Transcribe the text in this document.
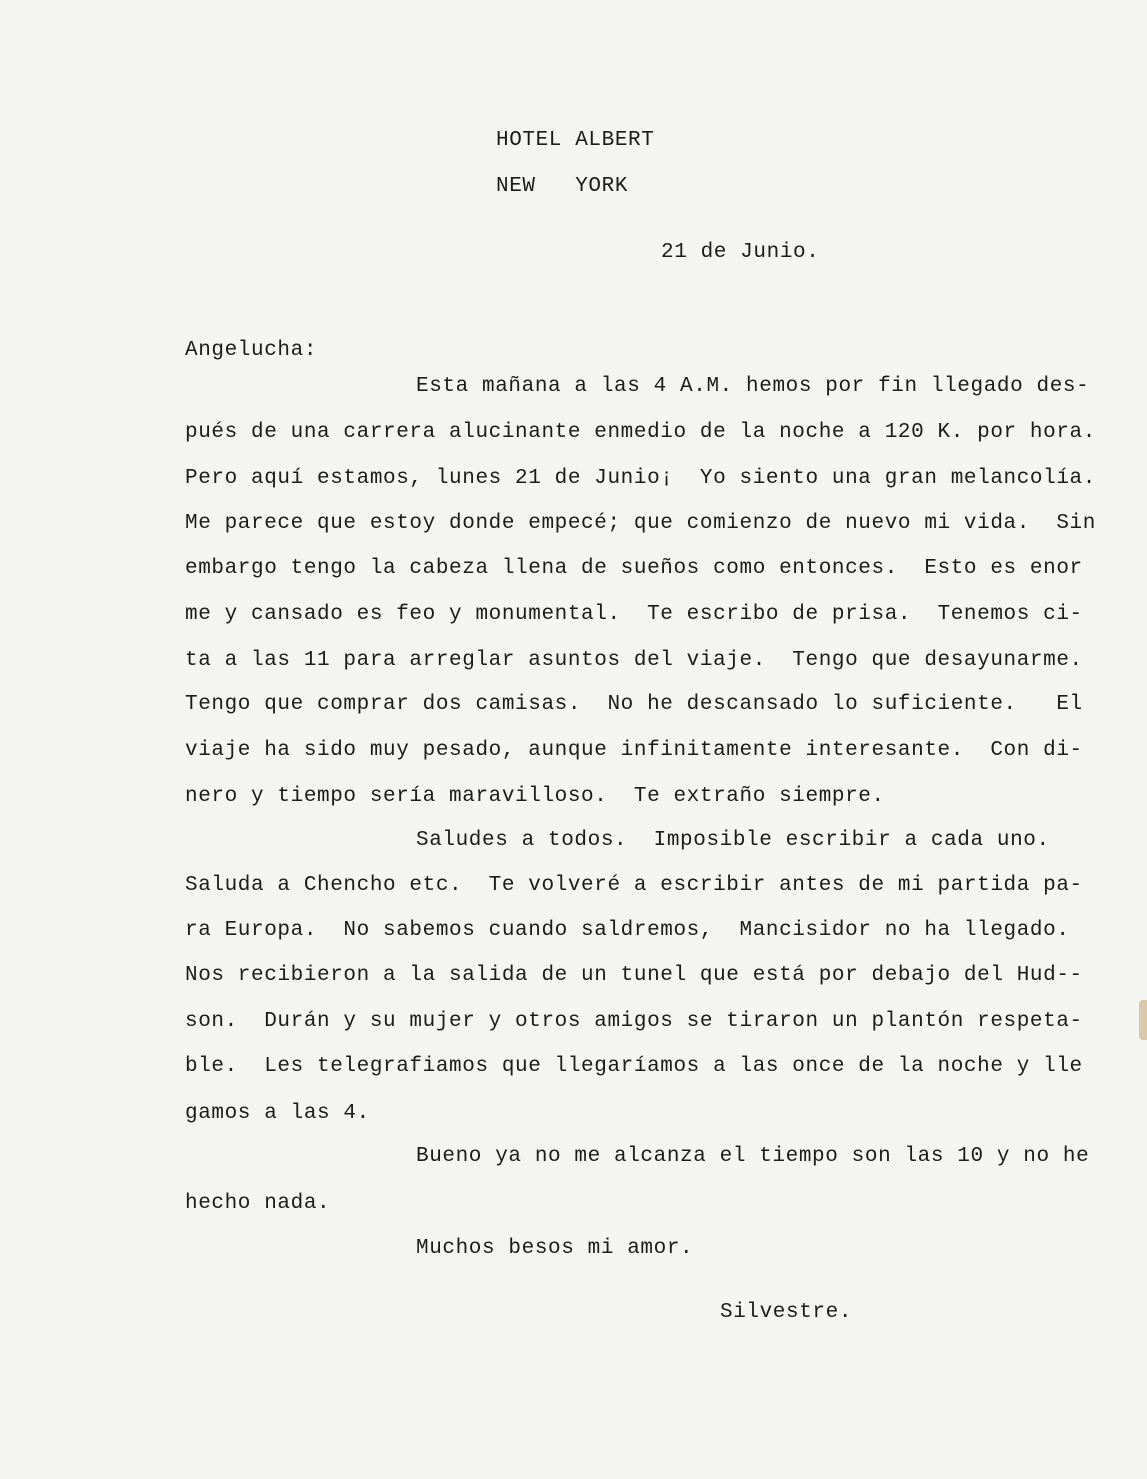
HOTEL ALBERT
NEW   YORK
21 de Junio.
Angelucha:
Esta mañana a las 4 A.M. hemos por fin llegado des-
pués de una carrera alucinante enmedio de la noche a 120 K. por hora.
Pero aquí estamos, lunes 21 de Junio¡  Yo siento una gran melancolía.
Me parece que estoy donde empecé; que comienzo de nuevo mi vida.  Sin
embargo tengo la cabeza llena de sueños como entonces.  Esto es enor
me y cansado es feo y monumental.  Te escribo de prisa.  Tenemos ci-
ta a las 11 para arreglar asuntos del viaje.  Tengo que desayunarme.
Tengo que comprar dos camisas.  No he descansado lo suficiente.   El
viaje ha sido muy pesado, aunque infinitamente interesante.  Con di-
nero y tiempo sería maravilloso.  Te extraño siempre.
Saludes a todos.  Imposible escribir a cada uno.
Saluda a Chencho etc.  Te volveré a escribir antes de mi partida pa-
ra Europa.  No sabemos cuando saldremos,  Mancisidor no ha llegado.
Nos recibieron a la salida de un tunel que está por debajo del Hud--
son.  Durán y su mujer y otros amigos se tiraron un plantón respeta-
ble.  Les telegrafiamos que llegaríamos a las once de la noche y lle
gamos a las 4.
Bueno ya no me alcanza el tiempo son las 10 y no he
hecho nada.
Muchos besos mi amor.
Silvestre.
